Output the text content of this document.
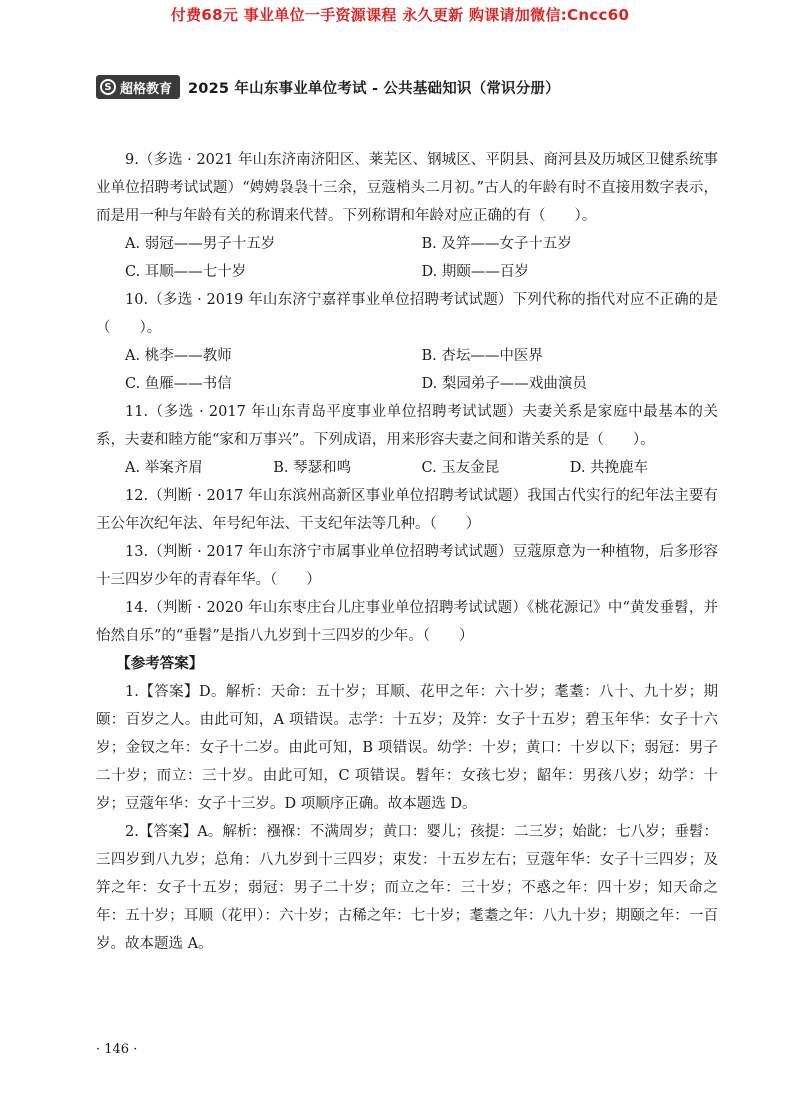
付费68元 事业单位一手资源课程 永久更新 购课请加微信:Cncc60
S 超格教育 2025 年山东事业单位考试 - 公共基础知识（常识分册）

9.（多选 · 2021 年山东济南济阳区、莱芜区、钢城区、平阴县、商河县及历城区卫健系统事业单位招聘考试试题）“娉娉袅袅十三余，豆蔻梢头二月初。”古人的年龄有时不直接用数字表示，而是用一种与年龄有关的称谓来代替。下列称谓和年龄对应正确的有（　　）。

A. 弱冠——男子十五岁	B. 及笄——女子十五岁
C. 耳顺——七十岁	D. 期颐——百岁

10.（多选 · 2019 年山东济宁嘉祥事业单位招聘考试试题）下列代称的指代对应不正确的是（　　）。

A. 桃李——教师	B. 杏坛——中医界
C. 鱼雁——书信	D. 梨园弟子——戏曲演员

11.（多选 · 2017 年山东青岛平度事业单位招聘考试试题）夫妻关系是家庭中最基本的关系，夫妻和睦方能“家和万事兴”。下列成语，用来形容夫妻之间和谐关系的是（　　）。

A. 举案齐眉	B. 琴瑟和鸣	C. 玉友金昆	D. 共挽鹿车

12.（判断 · 2017 年山东滨州高新区事业单位招聘考试试题）我国古代实行的纪年法主要有王公年次纪年法、年号纪年法、干支纪年法等几种。（　　）

13.（判断 · 2017 年山东济宁市属事业单位招聘考试试题）豆蔻原意为一种植物，后多形容十三四岁少年的青春年华。（　　）

14.（判断 · 2020 年山东枣庄台儿庄事业单位招聘考试试题）《桃花源记》中“黄发垂髫，并怡然自乐”的“垂髫”是指八九岁到十三四岁的少年。（　　）

【参考答案】

1.【答案】D。解析：天命：五十岁；耳顺、花甲之年：六十岁；耄耋：八十、九十岁；期颐：百岁之人。由此可知，A 项错误。志学：十五岁；及笄：女子十五岁；碧玉年华：女子十六岁；金钗之年：女子十二岁。由此可知，B 项错误。幼学：十岁；黄口：十岁以下；弱冠：男子二十岁；而立：三十岁。由此可知，C 项错误。髫年：女孩七岁；龆年：男孩八岁；幼学：十岁；豆蔻年华：女子十三岁。D 项顺序正确。故本题选 D。

2.【答案】A。解析：襁褓：不满周岁；黄口：婴儿；孩提：二三岁；始龀：七八岁；垂髫：三四岁到八九岁；总角：八九岁到十三四岁；束发：十五岁左右；豆蔻年华：女子十三四岁；及笄之年：女子十五岁；弱冠：男子二十岁；而立之年：三十岁；不惑之年：四十岁；知天命之年：五十岁；耳顺（花甲）：六十岁；古稀之年：七十岁；耄耋之年：八九十岁；期颐之年：一百岁。故本题选 A。

· 146 ·
